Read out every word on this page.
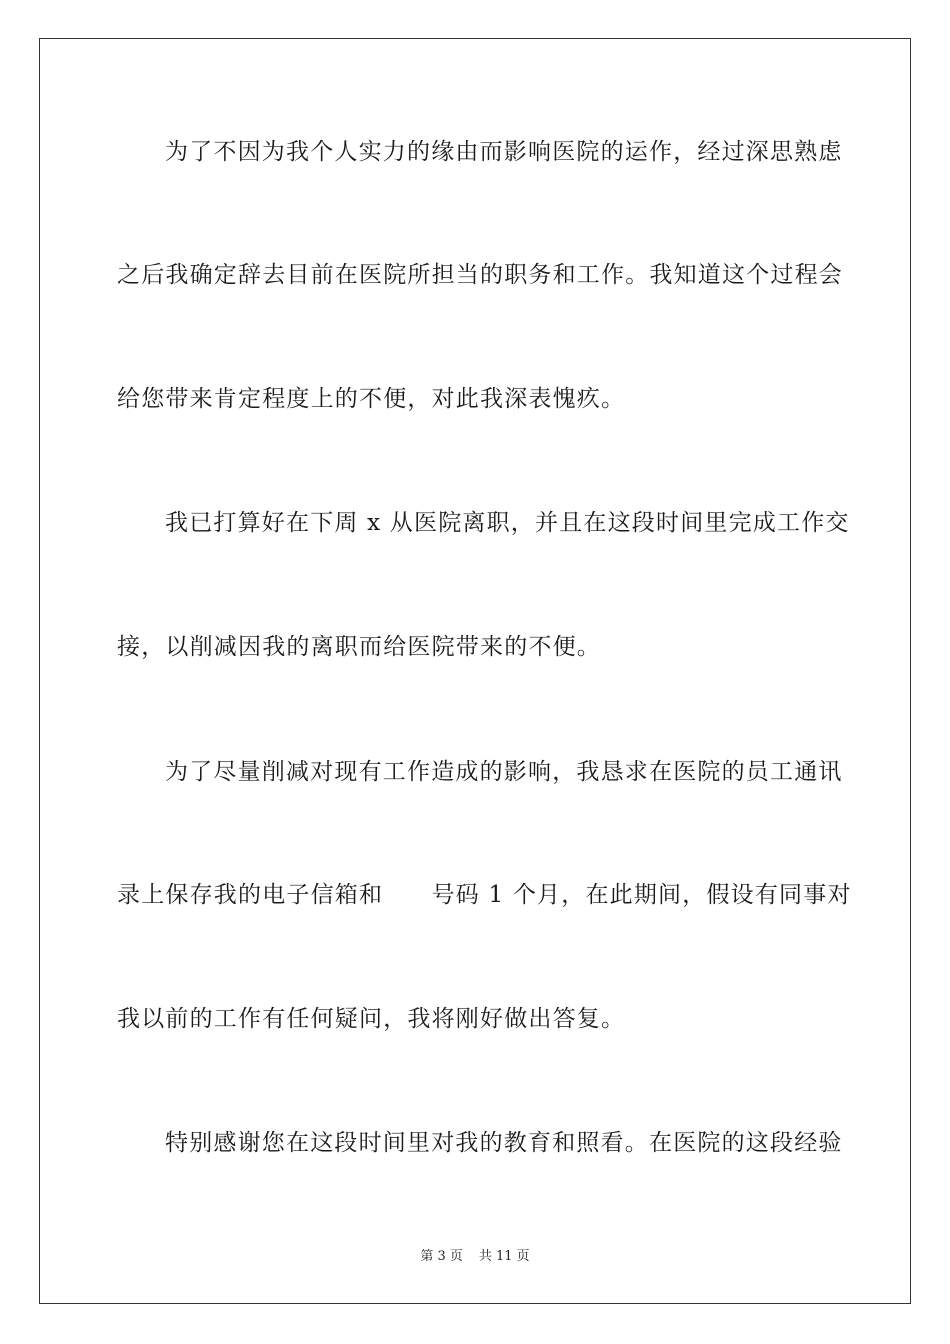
为了不因为我个人实力的缘由而影响医院的运作，经过深思熟虑
之后我确定辞去目前在医院所担当的职务和工作。我知道这个过程会
给您带来肯定程度上的不便，对此我深表愧疚。
我已打算好在下周 x 从医院离职，并且在这段时间里完成工作交
接，以削减因我的离职而给医院带来的不便。
为了尽量削减对现有工作造成的影响，我恳求在医院的员工通讯
录上保存我的电子信箱和　　号码 1 个月，在此期间，假设有同事对
我以前的工作有任何疑问，我将刚好做出答复。
特别感谢您在这段时间里对我的教育和照看。在医院的这段经验
第 3 页 共 11 页
